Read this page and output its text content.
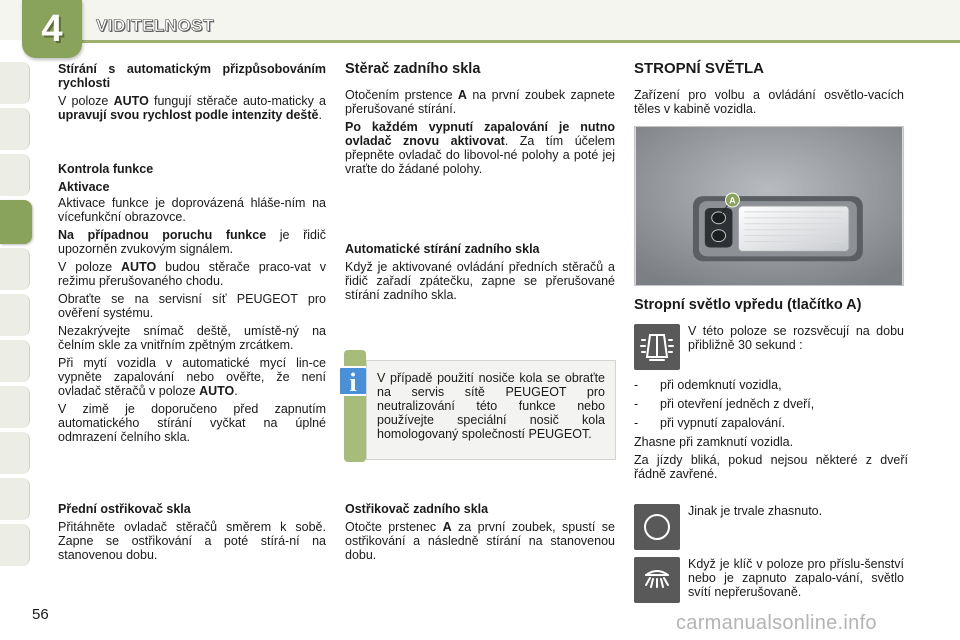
4 VIDITELNOST

Stírání s automatickým přizpůsobováním rychlosti

V poloze AUTO fungují stěrače auto-maticky a upravují svou rychlost podle intenzity deště.

Kontrola funkce

Aktivace

Aktivace funkce je doprovázená hláše-ním na vícefunkční obrazovce.

Na případnou poruchu funkce je řidič upozorněn zvukovým signálem.

V poloze AUTO budou stěrače praco-vat v režimu přerušovaného chodu.

Obraťte se na servisní síť PEUGEOT pro ověření systému.

Nezakrývejte snímač deště, umístě-ný na čelním skle za vnitřním zpětným zrcátkem.

Při mytí vozidla v automatické mycí lin-ce vypněte zapalování nebo ověřte, že není ovladač stěračů v poloze AUTO.

V zimě je doporučeno před zapnutím automatického stírání vyčkat na úplné odmrazení čelního skla.

Přední ostřikovač skla

Přitáhněte ovladač stěračů směrem k sobě. Zapne se ostřikování a poté stírá-ní na stanovenou dobu.

Stěrač zadního skla

Otočením prstence A na první zoubek zapnete přerušované stírání.

Po každém vypnutí zapalování je nutno ovladač znovu aktivovat. Za tím účelem přepněte ovladač do libovol-né polohy a poté jej vraťte do žádané polohy.

Automatické stírání zadního skla

Když je aktivované ovládání předních stěračů a řidič zařadí zpátečku, zapne se přerušované stírání zadního skla.

i	V případě použití nosiče kola se obraťte na servis sítě PEUGEOT pro neutralizování této funkce nebo používejte speciální nosič kola homologovaný společností PEUGEOT.

Ostřikovač zadního skla

Otočte prstenec A za první zoubek, spustí se ostřikování a následně stírání na stanovenou dobu.

STROPNÍ SVĚTLA

Zařízení pro volbu a ovládání osvětlo-vacích těles v kabině vozidla.

A

Stropní světlo vpředu (tlačítko A)

V této poloze se rozsvěcují na dobu přibližně 30 sekund :

- při odemknutí vozidla,
- při otevření jedněch z dveří,
- při vypnutí zapalování.

Zhasne při zamknutí vozidla.

Za jízdy bliká, pokud nejsou některé z dveří řádně zavřené.

Jinak je trvale zhasnuto.

Když je klíč v poloze pro příslu-šenství nebo je zapnuto zapalo-vání, světlo svítí nepřerušovaně.

56	carmanualsonline.info
